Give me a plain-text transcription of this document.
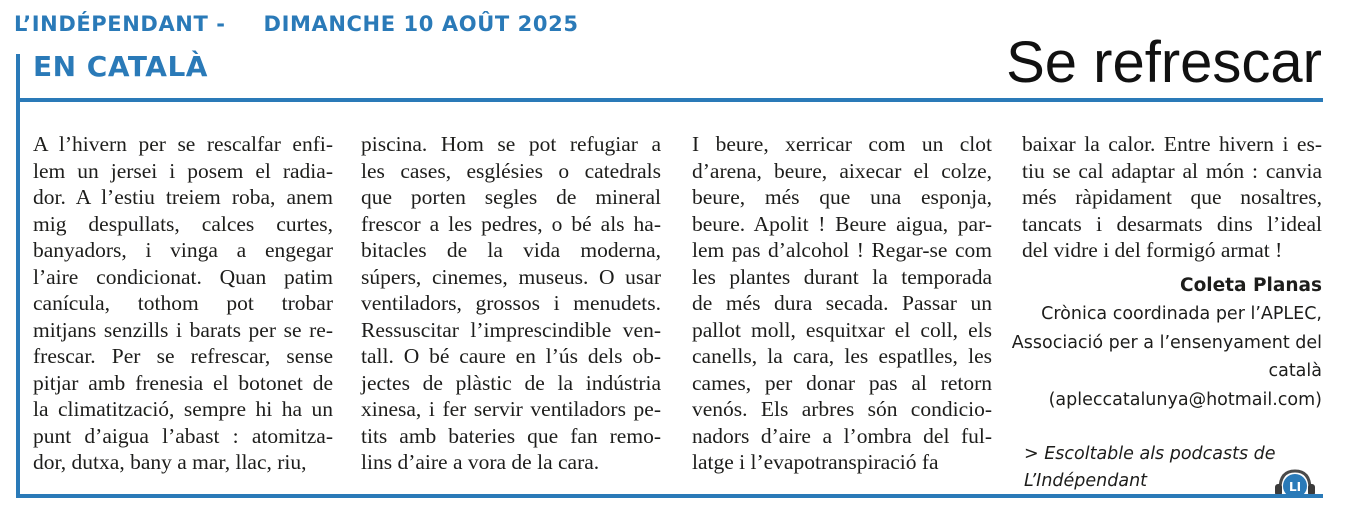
L’INDÉPENDANT - DIMANCHE 10 AOÛT 2025
EN CATALÀ	Se refrescar
A l’hivern per se rescalfar enfi-
lem un jersei i posem el radia-
dor. A l’estiu treiem roba, anem
mig despullats, calces curtes,
banyadors, i vinga a engegar
l’aire condicionat. Quan patim
canícula, tothom pot trobar
mitjans senzills i barats per se re-
frescar. Per se refrescar, sense
pitjar amb frenesia el botonet de
la climatització, sempre hi ha un
punt d’aigua l’abast : atomitza-
dor, dutxa, bany a mar, llac, riu,
piscina. Hom se pot refugiar a
les cases, esglésies o catedrals
que porten segles de mineral
frescor a les pedres, o bé als ha-
bitacles de la vida moderna,
súpers, cinemes, museus. O usar
ventiladors, grossos i menudets.
Ressuscitar l’imprescindible ven-
tall. O bé caure en l’ús dels ob-
jectes de plàstic de la indústria
xinesa, i fer servir ventiladors pe-
tits amb bateries que fan remo-
lins d’aire a vora de la cara.
I beure, xerricar com un clot
d’arena, beure, aixecar el colze,
beure, més que una esponja,
beure. Apolit ! Beure aigua, par-
lem pas d’alcohol ! Regar-se com
les plantes durant la temporada
de més dura secada. Passar un
pallot moll, esquitxar el coll, els
canells, la cara, les espatlles, les
cames, per donar pas al retorn
venós. Els arbres són condicio-
nadors d’aire a l’ombra del ful-
latge i l’evapotranspiració fa
baixar la calor. Entre hivern i es-
tiu se cal adaptar al món : canvia
més ràpidament que nosaltres,
tancats i desarmats dins l’ideal
del vidre i del formigó armat !
Coleta Planas
Crònica coordinada per l’APLEC,
Associació per a l’ensenyament del
català
(apleccatalunya@hotmail.com)
> Escoltable als podcasts de
L’Indépendant	LI
